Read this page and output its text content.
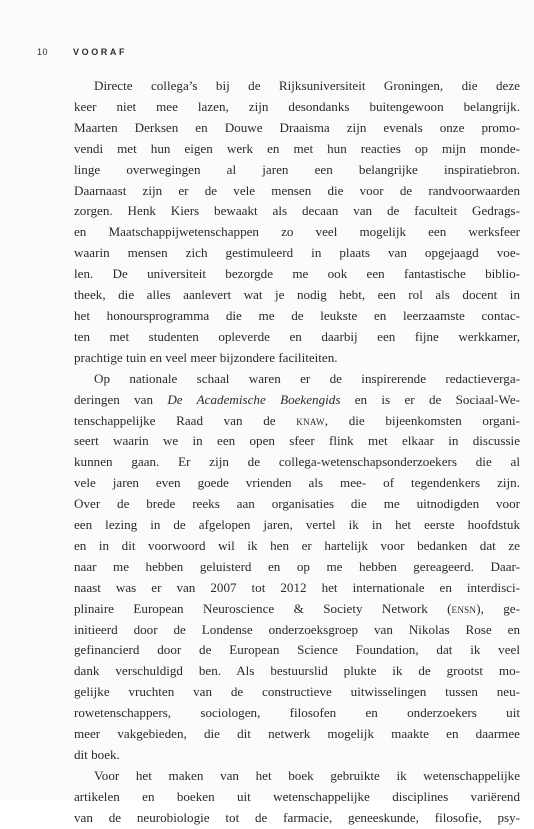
10	VOORAF
Directe collega’s bij de Rijksuniversiteit Groningen, die deze
keer niet mee lazen, zijn desondanks buitengewoon belangrijk.
Maarten Derksen en Douwe Draaisma zijn evenals onze promo-
vendi met hun eigen werk en met hun reacties op mijn monde-
linge overwegingen al jaren een belangrijke inspiratiebron.
Daarnaast zijn er de vele mensen die voor de randvoorwaarden
zorgen. Henk Kiers bewaakt als decaan van de faculteit Gedrags-
en Maatschappijwetenschappen zo veel mogelijk een werksfeer
waarin mensen zich gestimuleerd in plaats van opgejaagd voe-
len. De universiteit bezorgde me ook een fantastische biblio-
theek, die alles aanlevert wat je nodig hebt, een rol als docent in
het honoursprogramma die me de leukste en leerzaamste contac-
ten met studenten opleverde en daarbij een fijne werkkamer,
prachtige tuin en veel meer bijzondere faciliteiten.
Op nationale schaal waren er de inspirerende redactieverga-
deringen van De Academische Boekengids en is er de Sociaal-We-
tenschappelijke Raad van de knaw, die bijeenkomsten organi-
seert waarin we in een open sfeer flink met elkaar in discussie
kunnen gaan. Er zijn de collega-wetenschapsonderzoekers die al
vele jaren even goede vrienden als mee- of tegendenkers zijn.
Over de brede reeks aan organisaties die me uitnodigden voor
een lezing in de afgelopen jaren, vertel ik in het eerste hoofdstuk
en in dit voorwoord wil ik hen er hartelijk voor bedanken dat ze
naar me hebben geluisterd en op me hebben gereageerd. Daar-
naast was er van 2007 tot 2012 het internationale en interdisci-
plinaire European Neuroscience & Society Network (ensn), ge-
initieerd door de Londense onderzoeksgroep van Nikolas Rose en
gefinancierd door de European Science Foundation, dat ik veel
dank verschuldigd ben. Als bestuurslid plukte ik de grootst mo-
gelijke vruchten van de constructieve uitwisselingen tussen neu-
rowetenschappers, sociologen, filosofen en onderzoekers uit
meer vakgebieden, die dit netwerk mogelijk maakte en daarmee
dit boek.
Voor het maken van het boek gebruikte ik wetenschappelijke
artikelen en boeken uit wetenschappelijke disciplines variërend
van de neurobiologie tot de farmacie, geneeskunde, filosofie, psy-
